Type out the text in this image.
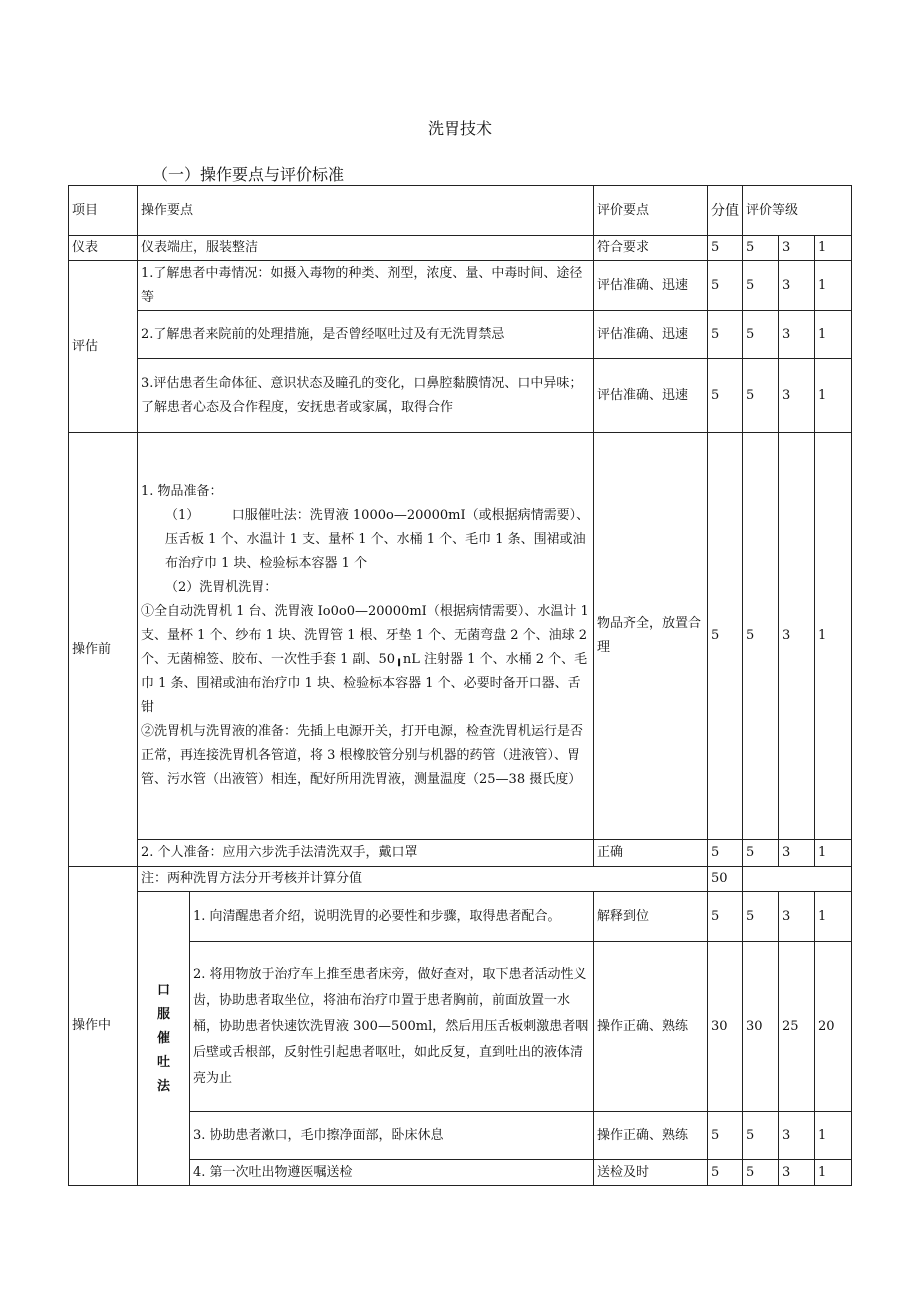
洗胃技术
（一）操作要点与评价标准
项目	操作要点		评价要点	分值	评价等级		
仪表	仪表端庄，服装整洁		符合要求	5	5	3	1
评估	1.了解患者中毒情况：如摄入毒物的种类、剂型，浓度、量、中毒时间、途径等		评估准确、迅速	5	5	3	1
	2.了解患者来院前的处理措施，是否曾经呕吐过及有无洗胃禁忌		评估准确、迅速	5	5	3	1
	3.评估患者生命体征、意识状态及瞳孔的变化，口鼻腔黏膜情况、口中异味；了解患者心态及合作程度，安抚患者或家属，取得合作		评估准确、迅速	5	5	3	1
操作前	1. 物品准备：
（1）　　　口服催吐法：洗胃液 1000o—20000mI（或根据病情需要）、压舌板 1 个、水温计 1 支、量杯 1 个、水桶 1 个、毛巾 1 条、围裙或油布治疗巾 1 块、检验标本容器 1 个
（2）洗胃机洗胃：
①全自动洗胃机 1 台、洗胃液 Io0o0—20000mI（根据病情需要）、水温计 1 支、量杯 1 个、纱布 1 块、洗胃管 1 根、牙垫 1 个、无菌弯盘 2 个、油球 2 个、无菌棉签、胶布、一次性手套 1 副、50╻nL 注射器 1 个、水桶 2 个、毛巾 1 条、围裙或油布治疗巾 1 块、检验标本容器 1 个、必要时备开口器、舌钳
②洗胃机与洗胃液的准备：先插上电源开关，打开电源，检查洗胃机运行是否正常，再连接洗胃机各管道，将 3 根橡胶管分别与机器的药管（进液管）、胃管、污水管（出液管）相连，配好所用洗胃液，测量温度（25—38 摄氏度）		物品齐全，放置合理	5	5	3	1
	2. 个人准备：应用六步洗手法清洗双手，戴口罩		正确	5	5	3	1
操作中	注：两种洗胃方法分开考核并计算分值			50			
	口服催吐法	1. 向清醒患者介绍，说明洗胃的必要性和步骤，取得患者配合。	解释到位	5	5	3	1
		2. 将用物放于治疗车上推至患者床旁，做好查对，取下患者活动性义齿，协助患者取坐位，将油布治疗巾置于患者胸前，前面放置一水桶，协助患者快速饮洗胃液 300—500ml，然后用压舌板刺激患者咽后壁或舌根部，反射性引起患者呕吐，如此反复，直到吐出的液体清亮为止	操作正确、熟练	30	30	25	20
		3. 协助患者漱口，毛巾擦净面部，卧床休息	操作正确、熟练	5	5	3	1
		4. 第一次吐出物遵医嘱送检	送检及时	5	5	3	1
